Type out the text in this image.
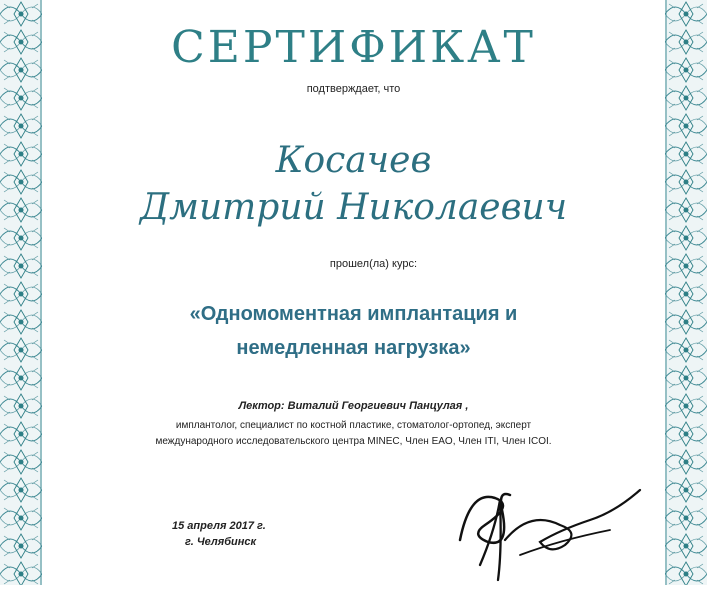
СЕРТИФИКАТ
подтверждает, что
Косачев
Дмитрий Николаевич
прошел(ла) курс:
«Одномоментная имплантация и
немедленная нагрузка»
Лектор: Виталий Георгиевич Панцулая ,
имплантолог, специалист по костной пластике, стоматолог-ортопед, эксперт
международного исследовательского центра MINEC, Член EAO, Член ITI, Член ICOI.
15 апреля 2017 г.
г. Челябинск
